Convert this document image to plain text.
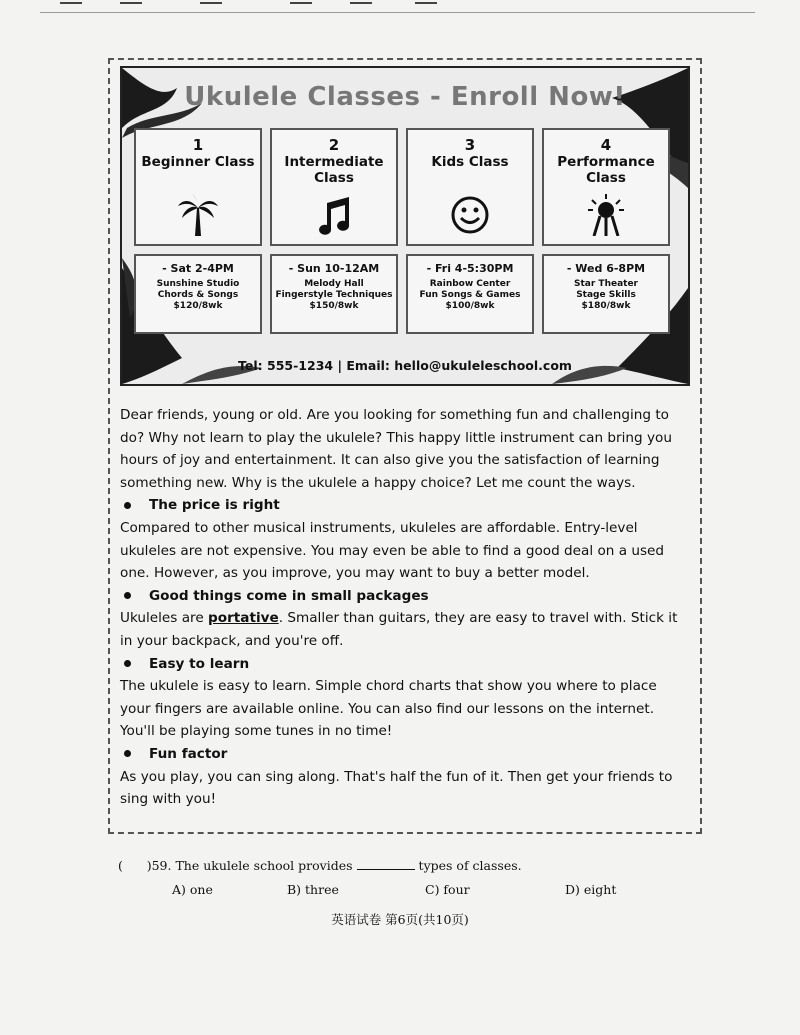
Ukulele Classes - Enroll Now!
1
Beginner Class
2
Intermediate Class
3
Kids Class
4
Performance Class
- Sat 2-4PM
Sunshine Studio
Chords & Songs
$120/8wk
- Sun 10-12AM
Melody Hall
Fingerstyle Techniques
$150/8wk
- Fri 4-5:30PM
Rainbow Center
Fun Songs & Games
$100/8wk
- Wed 6-8PM
Star Theater
Stage Skills
$180/8wk
Tel: 555-1234 | Email: hello@ukuleleschool.com

Dear friends, young or old. Are you looking for something fun and challenging to do? Why not learn to play the ukulele? This happy little instrument can bring you hours of joy and entertainment. It can also give you the satisfaction of learning something new. Why is the ukulele a happy choice? Let me count the ways.

The price is right

Compared to other musical instruments, ukuleles are affordable. Entry-level ukuleles are not expensive. You may even be able to find a good deal on a used one. However, as you improve, you may want to buy a better model.

Good things come in small packages

Ukuleles are portative. Smaller than guitars, they are easy to travel with. Stick it in your backpack, and you're off.

Easy to learn

The ukulele is easy to learn. Simple chord charts that show you where to place your fingers are available online. You can also find our lessons on the internet. You'll be playing some tunes in no time!

Fun factor

As you play, you can sing along. That's half the fun of it. Then get your friends to sing with you!

(      )59. The ukulele school provides	types of classes.
A) one	B) three	C) four	D) eight
英语试卷 第6页(共10页)
